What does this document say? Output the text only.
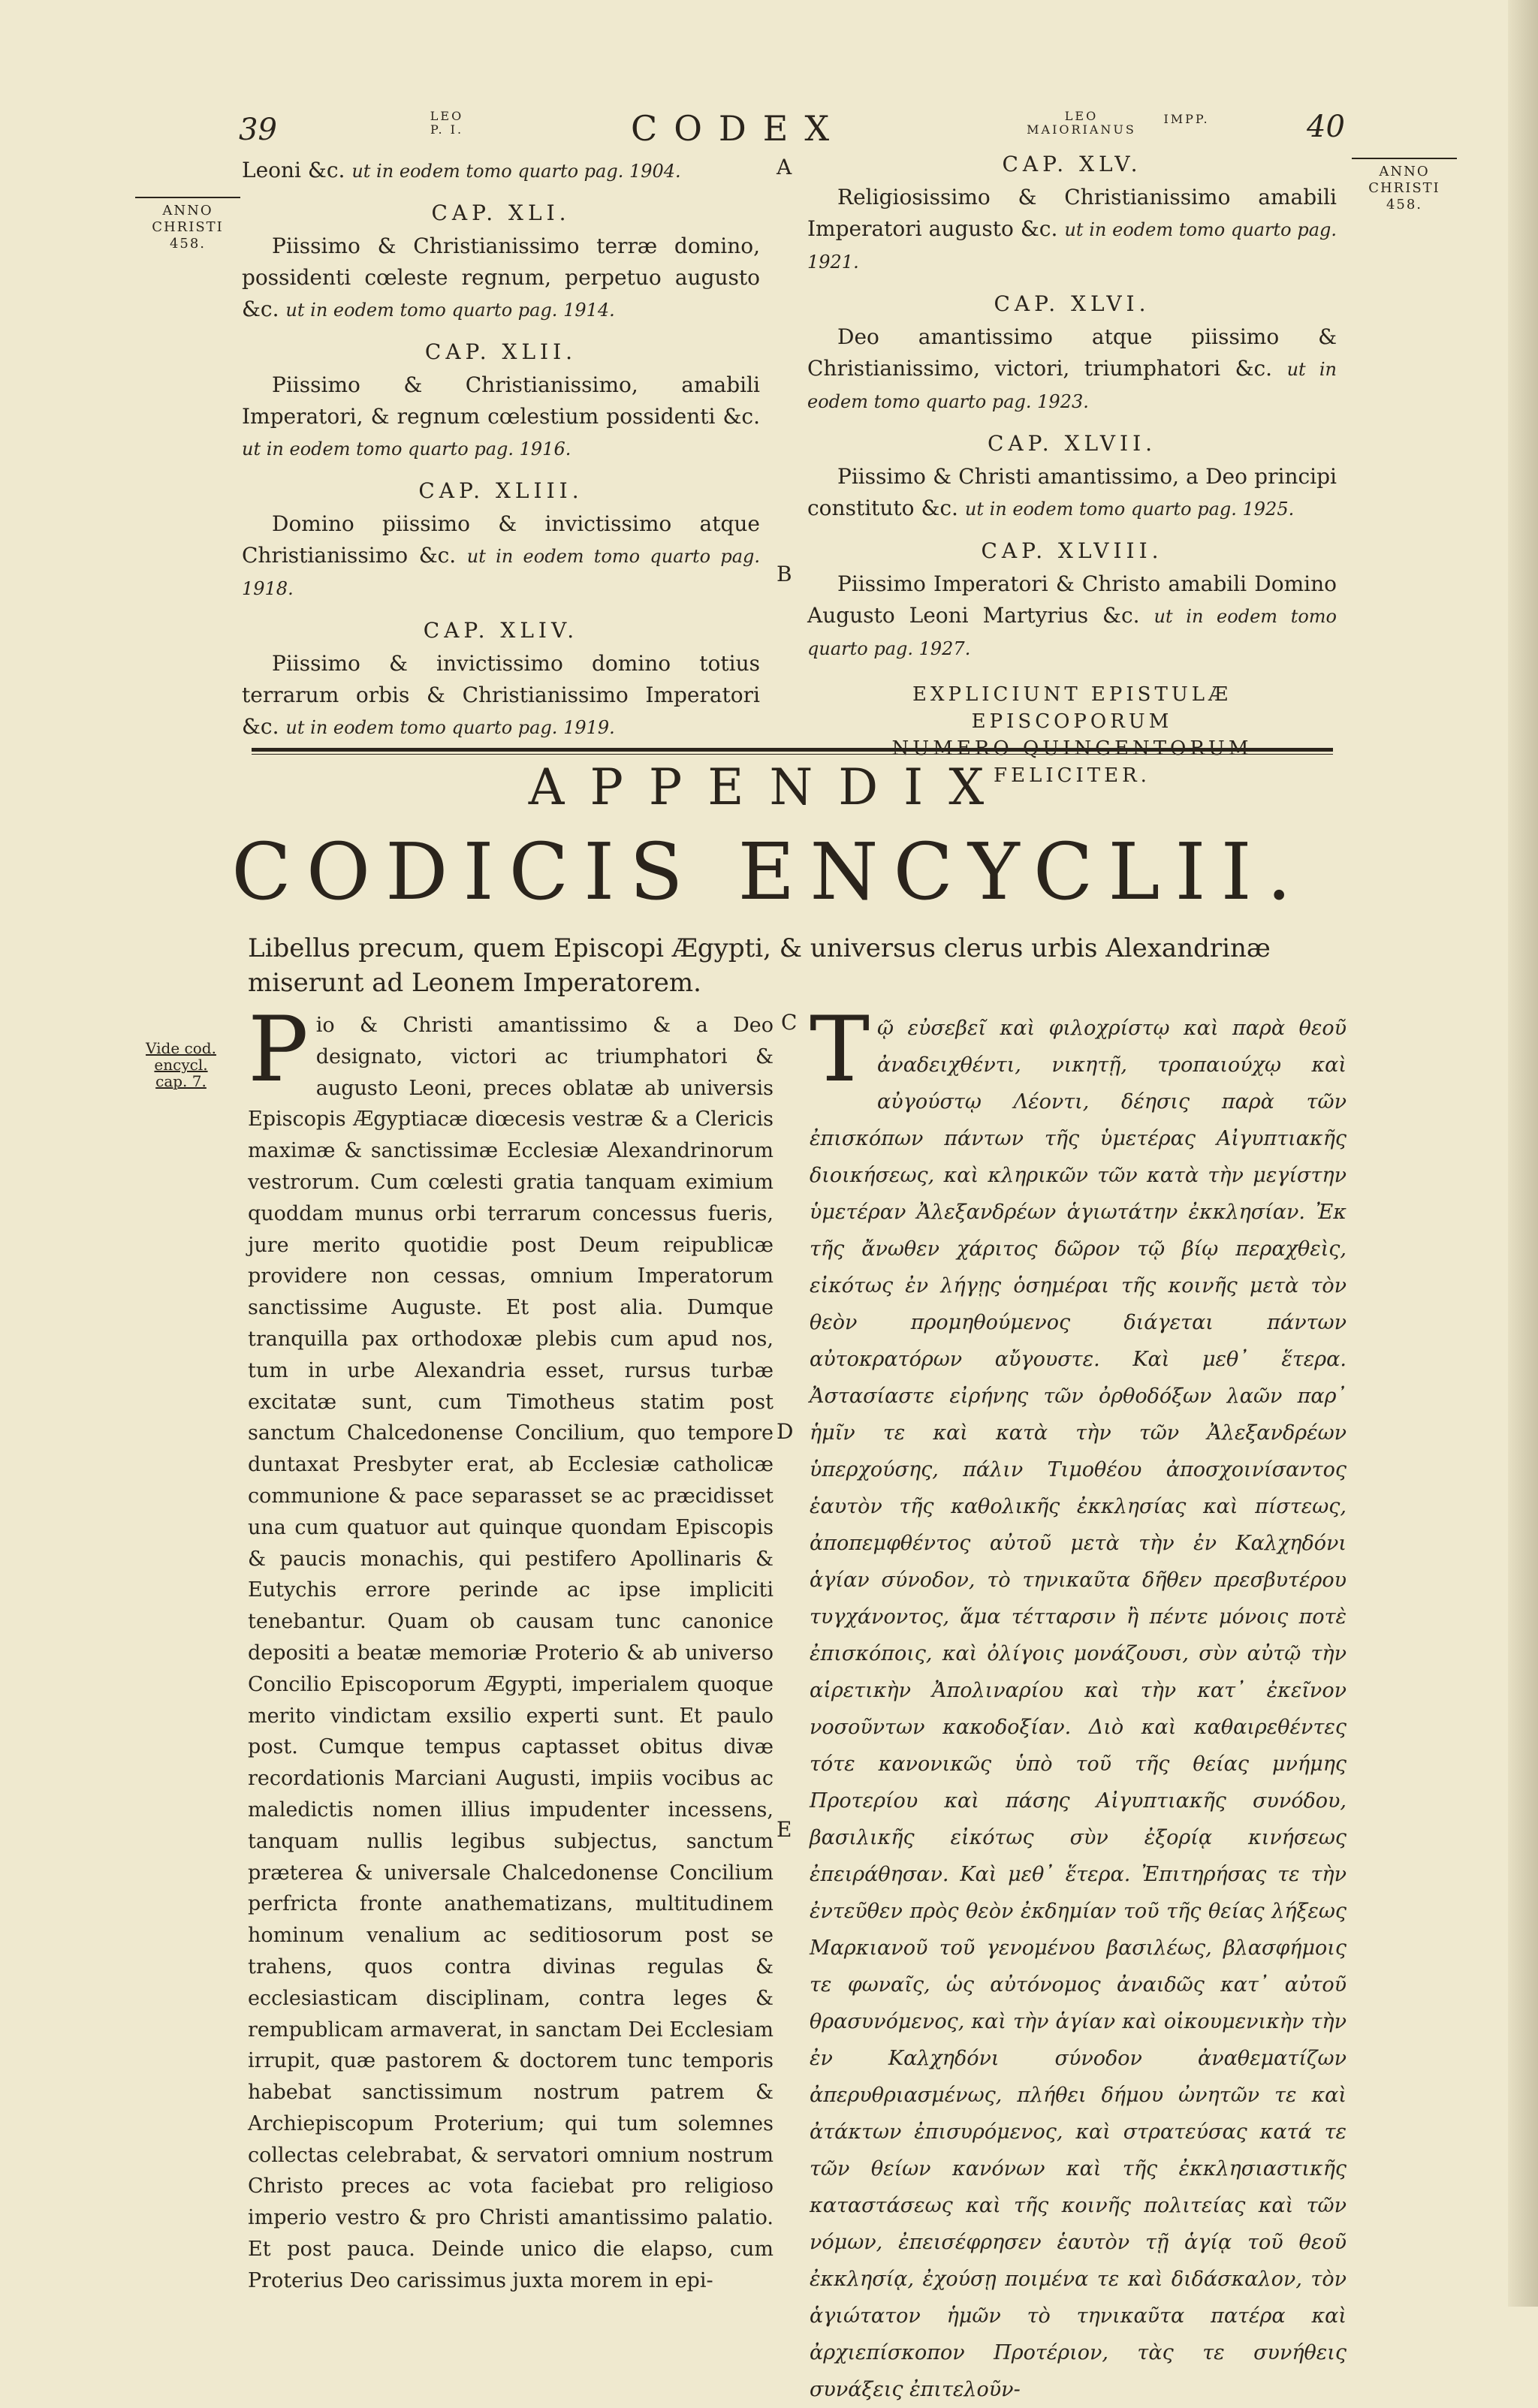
39	LEO
P. I.	CODEX	LEO
MAIORIANUS
IMPP.	40
ANNO
CHRISTI
458.
ANNO
CHRISTI
458.
Vide cod.
encycl.
cap. 7.
A
B
C
D
E
Leoni &c. ut in eodem tomo quarto pag. 1904.
CAP. XLI.
Piissimo & Christianissimo terræ domino, possidenti cœleste regnum, perpetuo augusto &c. ut in eodem tomo quarto pag. 1914.
CAP. XLII.
Piissimo & Christianissimo, amabili Imperatori, & regnum cœlestium possidenti &c. ut in eodem tomo quarto pag. 1916.
CAP. XLIII.
Domino piissimo & invictissimo atque Christianissimo &c. ut in eodem tomo quarto pag. 1918.
CAP. XLIV.
Piissimo & invictissimo domino totius terrarum orbis & Christianissimo Imperatori &c. ut in eodem tomo quarto pag. 1919.
CAP. XLV.
Religiosissimo & Christianissimo amabili Imperatori augusto &c. ut in eodem tomo quarto pag. 1921.
CAP. XLVI.
Deo amantissimo atque piissimo & Christianissimo, victori, triumphatori &c. ut in eodem tomo quarto pag. 1923.
CAP. XLVII.
Piissimo & Christi amantissimo, a Deo principi constituto &c. ut in eodem tomo quarto pag. 1925.
CAP. XLVIII.
Piissimo Imperatori & Christo amabili Domino Augusto Leoni Martyrius &c. ut in eodem tomo quarto pag. 1927.
EXPLICIUNT EPISTULÆ EPISCOPORUM
FELICITER.
APPENDIX
CODICIS ENCYCLII.
Libellus precum, quem Episcopi Ægypti, & universus clerus urbis Alexandrinæ miserunt ad Leonem Imperatorem.
Pio & Christi amantissimo & a Deo designato, victori ac triumphatori & augusto Leoni, preces oblatæ ab universis Episcopis Ægyptiacæ diœcesis vestræ & a Clericis maximæ & sanctissimæ Ecclesiæ Alexandrinorum vestrorum. Cum cœlesti gratia tanquam eximium quoddam munus orbi terrarum concessus fueris, jure merito quotidie post Deum reipublicæ providere non cessas, omnium Imperatorum sanctissime Auguste. Et post alia. Dumque tranquilla pax orthodoxæ plebis cum apud nos, tum in urbe Alexandria esset, rursus turbæ excitatæ sunt, cum Timotheus statim post sanctum Chalcedonense Concilium, quo tempore duntaxat Presbyter erat, ab Ecclesiæ catholicæ communione & pace separasset se ac præcidisset una cum quatuor aut quinque quondam Episcopis & paucis monachis, qui pestifero Apollinaris & Eutychis errore perinde ac ipse impliciti tenebantur. Quam ob causam tunc canonice depositi a beatæ memoriæ Proterio & ab universo Concilio Episcoporum Ægypti, imperialem quoque merito vindictam exsilio experti sunt. Et paulo post. Cumque tempus captasset obitus divæ recordationis Marciani Augusti, impiis vocibus ac maledictis nomen illius impudenter incessens, tanquam nullis legibus subjectus, sanctum præterea & universale Chalcedonense Concilium perfricta fronte anathematizans, multitudinem hominum venalium ac seditiosorum post se trahens, quos contra divinas regulas & ecclesiasticam disciplinam, contra leges & rempublicam armaverat, in sanctam Dei Ecclesiam irrupit, quæ pastorem & doctorem tunc temporis habebat sanctissimum nostrum patrem & Archiepiscopum Proterium; qui tum solemnes collectas celebrabat, & servatori omnium nostrum Christo preces ac vota faciebat pro religioso imperio vestro & pro Christi amantissimo palatio. Et post pauca. Deinde unico die elapso, cum Proterius Deo carissimus juxta morem in epi-
Tῷ εὐσεβεῖ καὶ φιλοχρίστῳ καὶ παρὰ θεοῦ ἀναδειχθέντι, νικητῇ, τροπαιούχῳ καὶ αὐγούστῳ Λέοντι, δέησις παρὰ τῶν ἐπισκόπων πάντων τῆς ὑμετέρας Αἰγυπτιακῆς διοικήσεως, καὶ κληρικῶν τῶν κατὰ τὴν μεγίστην ὑμετέραν Ἀλεξανδρέων ἁγιωτάτην ἐκκλησίαν. Ἐκ τῆς ἄνωθεν χάριτος δῶρον τῷ βίῳ περαχθεὶς, εἰκότως ἐν λήγῃς ὁσημέραι τῆς κοινῆς μετὰ τὸν θεὸν προμηθούμενος διάγεται πάντων αὐτοκρατόρων αὔγουστε. Καὶ μεθ᾽ ἕτερα. Ἀστασίαστε εἰρήνης τῶν ὀρθοδόξων λαῶν παρ᾽ ἡμῖν τε καὶ κατὰ τὴν τῶν Ἀλεξανδρέων ὑπερχούσης, πάλιν Τιμοθέου ἀποσχοινίσαντος ἑαυτὸν τῆς καθολικῆς ἐκκλησίας καὶ πίστεως, ἀποπεμφθέντος αὐτοῦ μετὰ τὴν ἐν Καλχηδόνι ἁγίαν σύνοδον, τὸ τηνικαῦτα δῆθεν πρεσβυτέρου τυγχάνοντος, ἅμα τέτταρσιν ἢ πέντε μόνοις ποτὲ ἐπισκόποις, καὶ ὀλίγοις μονάζουσι, σὺν αὐτῷ τὴν αἱρετικὴν Ἀπολιναρίου καὶ τὴν κατ᾽ ἐκεῖνον νοσοῦντων κακοδοξίαν. Διὸ καὶ καθαιρεθέντες τότε κανονικῶς ὑπὸ τοῦ τῆς θείας μνήμης Προτερίου καὶ πάσης Αἰγυπτιακῆς συνόδου, βασιλικῆς εἰκότως σὺν ἐξορίᾳ κινήσεως ἐπειράθησαν. Καὶ μεθ᾽ ἕτερα. Ἐπιτηρήσας τε τὴν ἐντεῦθεν πρὸς θεὸν ἐκδημίαν τοῦ τῆς θείας λήξεως Μαρκιανοῦ τοῦ γενομένου βασιλέως, βλασφήμοις τε φωναῖς, ὡς αὐτόνομος ἀναιδῶς κατ᾽ αὐτοῦ θρασυνόμενος, καὶ τὴν ἁγίαν καὶ οἰκουμενικὴν τὴν ἐν Καλχηδόνι σύνοδον ἀναθεματίζων ἀπερυθριασμένως, πλήθει δήμου ὠνητῶν τε καὶ ἀτάκτων ἐπισυρόμενος, καὶ στρατεύσας κατά τε τῶν θείων κανόνων καὶ τῆς ἐκκλησιαστικῆς καταστάσεως καὶ τῆς κοινῆς πολιτείας καὶ τῶν νόμων, ἐπεισέφρησεν ἑαυτὸν τῇ ἁγίᾳ τοῦ θεοῦ ἐκκλησίᾳ, ἐχούσῃ ποιμένα τε καὶ διδάσκαλον, τὸν ἁγιώτατον ἡμῶν τὸ τηνικαῦτα πατέρα καὶ ἀρχιεπίσκοπον Προτέριον, τὰς τε συνήθεις συνάξεις ἐπιτελοῦν-
